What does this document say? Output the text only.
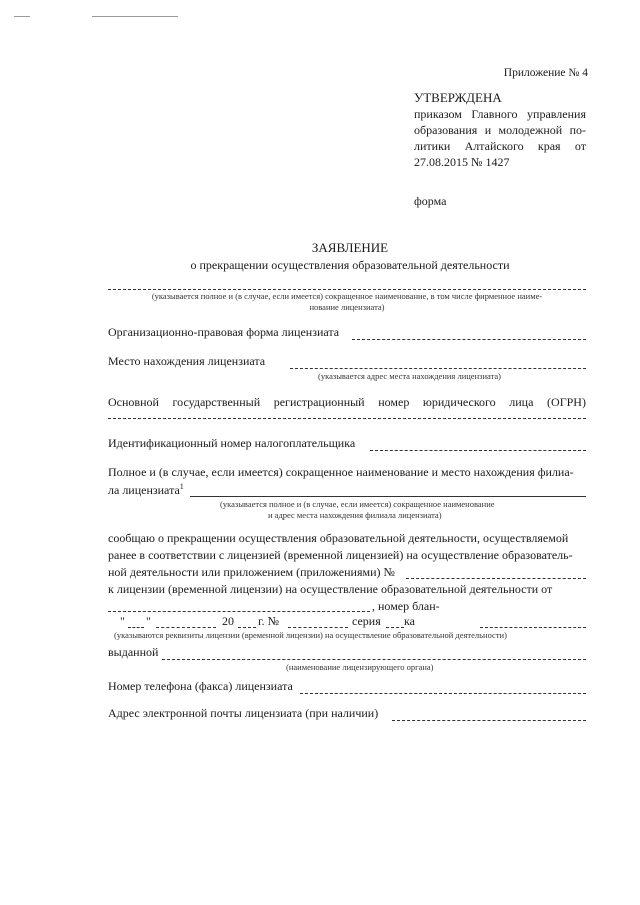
Приложение № 4
УТВЕРЖДЕНА
приказом Главного управления
образования и молодежной по-
литики Алтайского края от
27.08.2015 № 1427
форма
ЗАЯВЛЕНИЕ
о прекращении осуществления образовательной деятельности
(указывается полное и (в случае, если имеется) сокращенное наименование, в том числе фирменное наиме-
нование лицензиата)
Организационно-правовая форма лицензиата
Место нахождения лицензиата
(указывается адрес места нахождения лицензиата)
Основной государственный регистрационный номер юридического лица (ОГРН)
Идентификационный номер налогоплательщика
Полное и (в случае, если имеется) сокращенное наименование и место нахождения филиа-
ла лицензиата$^1$
(указывается полное и (в случае, если имеется) сокращенное наименование
и адрес места нахождения филиала лицензиата)
сообщаю о прекращении осуществления образовательной деятельности, осуществляемой
ранее в соответствии с лицензией (временной лицензией) на осуществление образователь-
ной деятельности или приложением (приложениями) №
к лицензии (временной лицензии) на осуществление образовательной деятельности от
, номер блан-
" "	20 г. №	серия ка
(указываются реквизиты лицензии (временной лицензии) на осуществление образовательной деятельности)
выданной
(наименование лицензирующего органа)
Номер телефона (факса) лицензиата
Адрес электронной почты лицензиата (при наличии)
